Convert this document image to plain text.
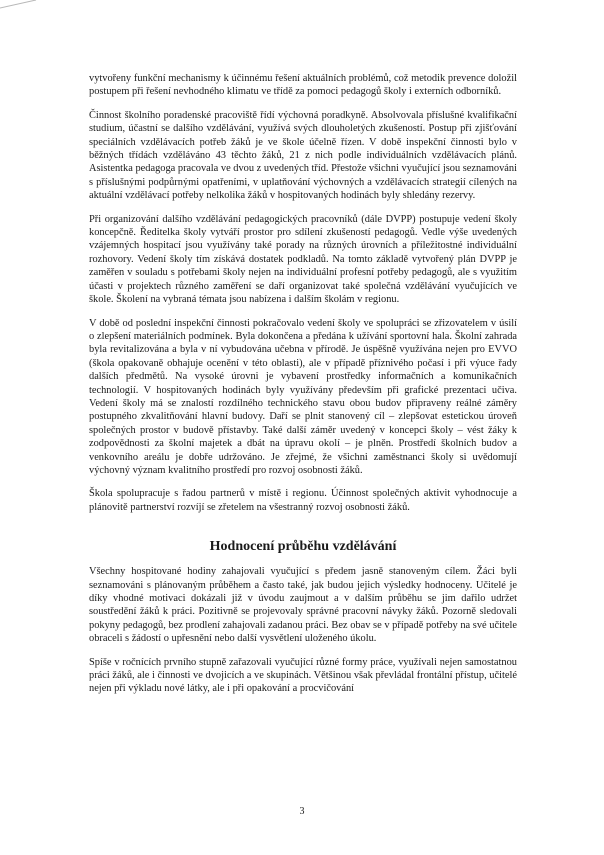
vytvořeny funkční mechanismy k účinnému řešení aktuálních problémů, což metodik prevence doložil postupem při řešení nevhodného klimatu ve třídě za pomoci pedagogů školy i externích odborníků.

Činnost školního poradenské pracoviště řídí výchovná poradkyně. Absolvovala příslušné kvalifikační studium, účastní se dalšího vzdělávání, využívá svých dlouholetých zkušeností. Postup při zjišťování speciálních vzdělávacích potřeb žáků je ve škole účelně řízen. V době inspekční činnosti bylo v běžných třídách vzděláváno 43 těchto žáků, 21 z nich podle individuálních vzdělávacích plánů. Asistentka pedagoga pracovala ve dvou z uvedených tříd. Přestože všichni vyučující jsou seznamováni s příslušnými podpůrnými opatřeními, v uplatňování výchovných a vzdělávacích strategií cílených na aktuální vzdělávací potřeby nelkolika žáků v hospitovaných hodinách byly shledány rezervy.

Při organizování dalšího vzdělávání pedagogických pracovníků (dále DVPP) postupuje vedení školy koncepčně. Ředitelka školy vytváří prostor pro sdílení zkušeností pedagogů. Vedle výše uvedených vzájemných hospitací jsou využívány také porady na různých úrovních a příležitostné individuální rozhovory. Vedení školy tím získává dostatek podkladů. Na tomto základě vytvořený plán DVPP je zaměřen v souladu s potřebami školy nejen na individuální profesní potřeby pedagogů, ale s využitím účasti v projektech různého zaměření se daří organizovat také společná vzdělávání vyučujících ve škole. Školení na vybraná témata jsou nabízena i dalším školám v regionu.

V době od poslední inspekční činnosti pokračovalo vedení školy ve spolupráci se zřizovatelem v úsilí o zlepšení materiálních podmínek. Byla dokončena a předána k užívání sportovní hala. Školní zahrada byla revitalizována a byla v ní vybudována učebna v přírodě. Je úspěšně využívána nejen pro EVVO (škola opakovaně obhajuje ocenění v této oblasti), ale v případě příznivého počasí i při výuce řady dalších předmětů. Na vysoké úrovni je vybavení prostředky informačních a komunikačních technologií. V hospitovaných hodinách byly využívány především při grafické prezentaci učiva. Vedení školy má se znalostí rozdílného technického stavu obou budov připraveny reálné záměry postupného zkvalitňování hlavní budovy. Daří se plnit stanovený cíl – zlepšovat estetickou úroveň společných prostor v budově přístavby. Také další záměr uvedený v koncepci školy – vést žáky k zodpovědnosti za školní majetek a dbát na úpravu okolí – je plněn. Prostředí školních budov a venkovního areálu je dobře udržováno. Je zřejmé, že všichni zaměstnanci školy si uvědomují výchovný význam kvalitního prostředí pro rozvoj osobnosti žáků.

Škola spolupracuje s řadou partnerů v místě i regionu. Účinnost společných aktivit vyhodnocuje a plánovitě partnerství rozvíjí se zřetelem na všestranný rozvoj osobnosti žáků.

Hodnocení průběhu vzdělávání

Všechny hospitované hodiny zahajovali vyučující s předem jasně stanoveným cílem. Žáci byli seznamováni s plánovaným průběhem a často také, jak budou jejich výsledky hodnoceny. Učitelé je díky vhodné motivaci dokázali již v úvodu zaujmout a v dalším průběhu se jim dařilo udržet soustředění žáků k práci. Pozitivně se projevovaly správné pracovní návyky žáků. Pozorně sledovali pokyny pedagogů, bez prodlení zahajovali zadanou práci. Bez obav se v případě potřeby na své učitele obraceli s žádostí o upřesnění nebo další vysvětlení uloženého úkolu.

Spíše v ročnících prvního stupně zařazovali vyučující různé formy práce, využívali nejen samostatnou práci žáků, ale i činnosti ve dvojicích a ve skupinách. Většinou však převládal frontální přístup, učitelé nejen při výkladu nové látky, ale i při opakování a procvičování

3
